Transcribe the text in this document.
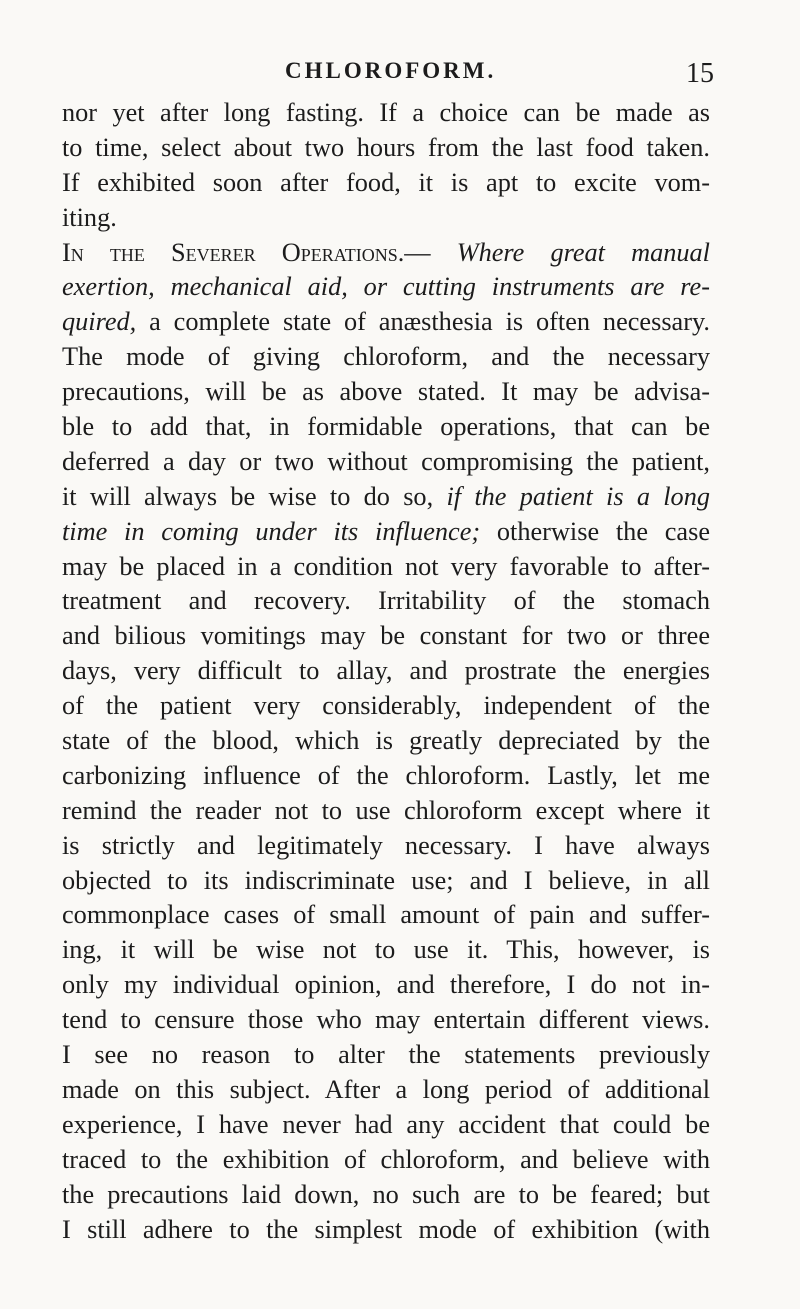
CHLOROFORM.	15
nor yet after long fasting. If a choice can be made as
to time, select about two hours from the last food taken.
If exhibited soon after food, it is apt to excite vom-
iting.
In the Severer Operations.— Where great manual
exertion, mechanical aid, or cutting instruments are re-
quired, a complete state of anæsthesia is often necessary.
The mode of giving chloroform, and the necessary
precautions, will be as above stated. It may be advisa-
ble to add that, in formidable operations, that can be
deferred a day or two without compromising the patient,
it will always be wise to do so, if the patient is a long
time in coming under its influence; otherwise the case
may be placed in a condition not very favorable to after-
treatment and recovery. Irritability of the stomach
and bilious vomitings may be constant for two or three
days, very difficult to allay, and prostrate the energies
of the patient very considerably, independent of the
state of the blood, which is greatly depreciated by the
carbonizing influence of the chloroform. Lastly, let me
remind the reader not to use chloroform except where it
is strictly and legitimately necessary. I have always
objected to its indiscriminate use; and I believe, in all
commonplace cases of small amount of pain and suffer-
ing, it will be wise not to use it. This, however, is
only my individual opinion, and therefore, I do not in-
tend to censure those who may entertain different views.
I see no reason to alter the statements previously
made on this subject. After a long period of additional
experience, I have never had any accident that could be
traced to the exhibition of chloroform, and believe with
the precautions laid down, no such are to be feared; but
I still adhere to the simplest mode of exhibition (with
